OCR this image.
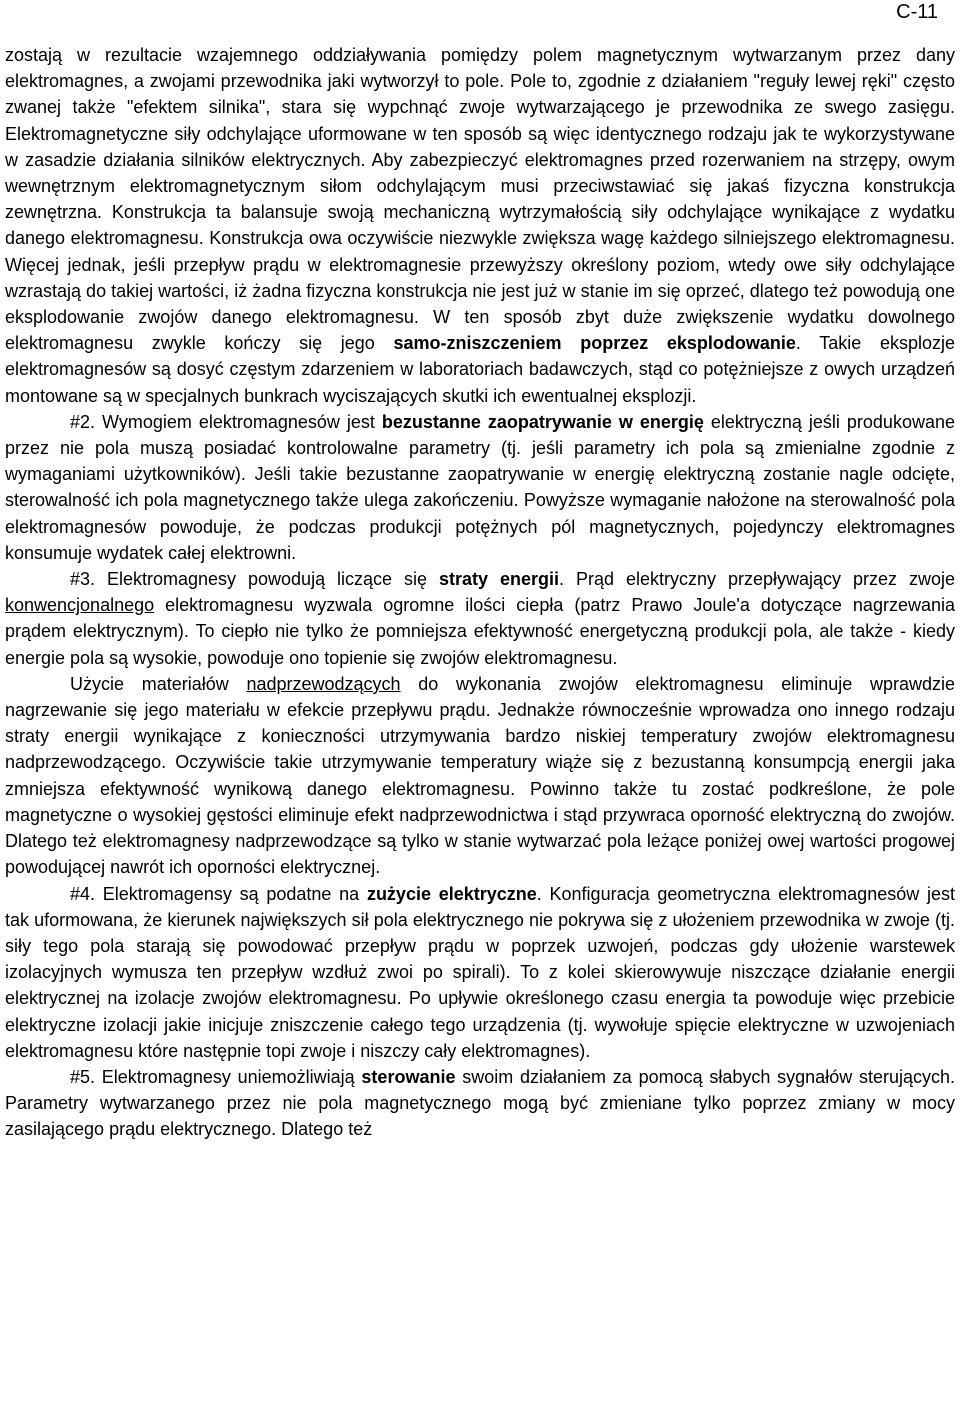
C-11

zostają w rezultacie wzajemnego oddziaływania pomiędzy polem magnetycznym wytwarzanym przez dany elektromagnes, a zwojami przewodnika jaki wytworzył to pole. Pole to, zgodnie z działaniem "reguły lewej ręki" często zwanej także "efektem silnika", stara się wypchnąć zwoje wytwarzającego je przewodnika ze swego zasięgu. Elektromagnetyczne siły odchylające uformowane w ten sposób są więc identycznego rodzaju jak te wykorzystywane w zasadzie działania silników elektrycznych. Aby zabezpieczyć elektromagnes przed rozerwaniem na strzępy, owym wewnętrznym elektromagnetycznym siłom odchylającym musi przeciwstawiać się jakaś fizyczna konstrukcja zewnętrzna. Konstrukcja ta balansuje swoją mechaniczną wytrzymałością siły odchylające wynikające z wydatku danego elektromagnesu. Konstrukcja owa oczywiście niezwykle zwiększa wagę każdego silniejszego elektromagnesu. Więcej jednak, jeśli przepływ prądu w elektromagnesie przewyższy określony poziom, wtedy owe siły odchylające wzrastają do takiej wartości, iż żadna fizyczna konstrukcja nie jest już w stanie im się oprzeć, dlatego też powodują one eksplodowanie zwojów danego elektromagnesu. W ten sposób zbyt duże zwiększenie wydatku dowolnego elektromagnesu zwykle kończy się jego samo-zniszczeniem poprzez eksplodowanie. Takie eksplozje elektromagnesów są dosyć częstym zdarzeniem w laboratoriach badawczych, stąd co potężniejsze z owych urządzeń montowane są w specjalnych bunkrach wyciszających skutki ich ewentualnej eksplozji.

#2. Wymogiem elektromagnesów jest bezustanne zaopatrywanie w energię elektryczną jeśli produkowane przez nie pola muszą posiadać kontrolowalne parametry (tj. jeśli parametry ich pola są zmienialne zgodnie z wymaganiami użytkowników). Jeśli takie bezustanne zaopatrywanie w energię elektryczną zostanie nagle odcięte, sterowalność ich pola magnetycznego także ulega zakończeniu. Powyższe wymaganie nałożone na sterowalność pola elektromagnesów powoduje, że podczas produkcji potężnych pól magnetycznych, pojedynczy elektromagnes konsumuje wydatek całej elektrowni.

#3. Elektromagnesy powodują liczące się straty energii. Prąd elektryczny przepływający przez zwoje konwencjonalnego elektromagnesu wyzwala ogromne ilości ciepła (patrz Prawo Joule'a dotyczące nagrzewania prądem elektrycznym). To ciepło nie tylko że pomniejsza efektywność energetyczną produkcji pola, ale także - kiedy energie pola są wysokie, powoduje ono topienie się zwojów elektromagnesu.

Użycie materiałów nadprzewodzących do wykonania zwojów elektromagnesu eliminuje wprawdzie nagrzewanie się jego materiału w efekcie przepływu prądu. Jednakże równocześnie wprowadza ono innego rodzaju straty energii wynikające z konieczności utrzymywania bardzo niskiej temperatury zwojów elektromagnesu nadprzewodzącego. Oczywiście takie utrzymywanie temperatury wiąże się z bezustanną konsumpcją energii jaka zmniejsza efektywność wynikową danego elektromagnesu. Powinno także tu zostać podkreślone, że pole magnetyczne o wysokiej gęstości eliminuje efekt nadprzewodnictwa i stąd przywraca oporność elektryczną do zwojów. Dlatego też elektromagnesy nadprzewodzące są tylko w stanie wytwarzać pola leżące poniżej owej wartości progowej powodującej nawrót ich oporności elektrycznej.

#4. Elektromagensy są podatne na zużycie elektryczne. Konfiguracja geometryczna elektromagnesów jest tak uformowana, że kierunek największych sił pola elektrycznego nie pokrywa się z ułożeniem przewodnika w zwoje (tj. siły tego pola starają się powodować przepływ prądu w poprzek uzwojeń, podczas gdy ułożenie warstewek izolacyjnych wymusza ten przepływ wzdłuż zwoi po spirali). To z kolei skierowywuje niszczące działanie energii elektrycznej na izolacje zwojów elektromagnesu. Po upływie określonego czasu energia ta powoduje więc przebicie elektryczne izolacji jakie inicjuje zniszczenie całego tego urządzenia (tj. wywołuje spięcie elektryczne w uzwojeniach elektromagnesu które następnie topi zwoje i niszczy cały elektromagnes).

#5. Elektromagnesy uniemożliwiają sterowanie swoim działaniem za pomocą słabych sygnałów sterujących. Parametry wytwarzanego przez nie pola magnetycznego mogą być zmieniane tylko poprzez zmiany w mocy zasilającego prądu elektrycznego. Dlatego też
